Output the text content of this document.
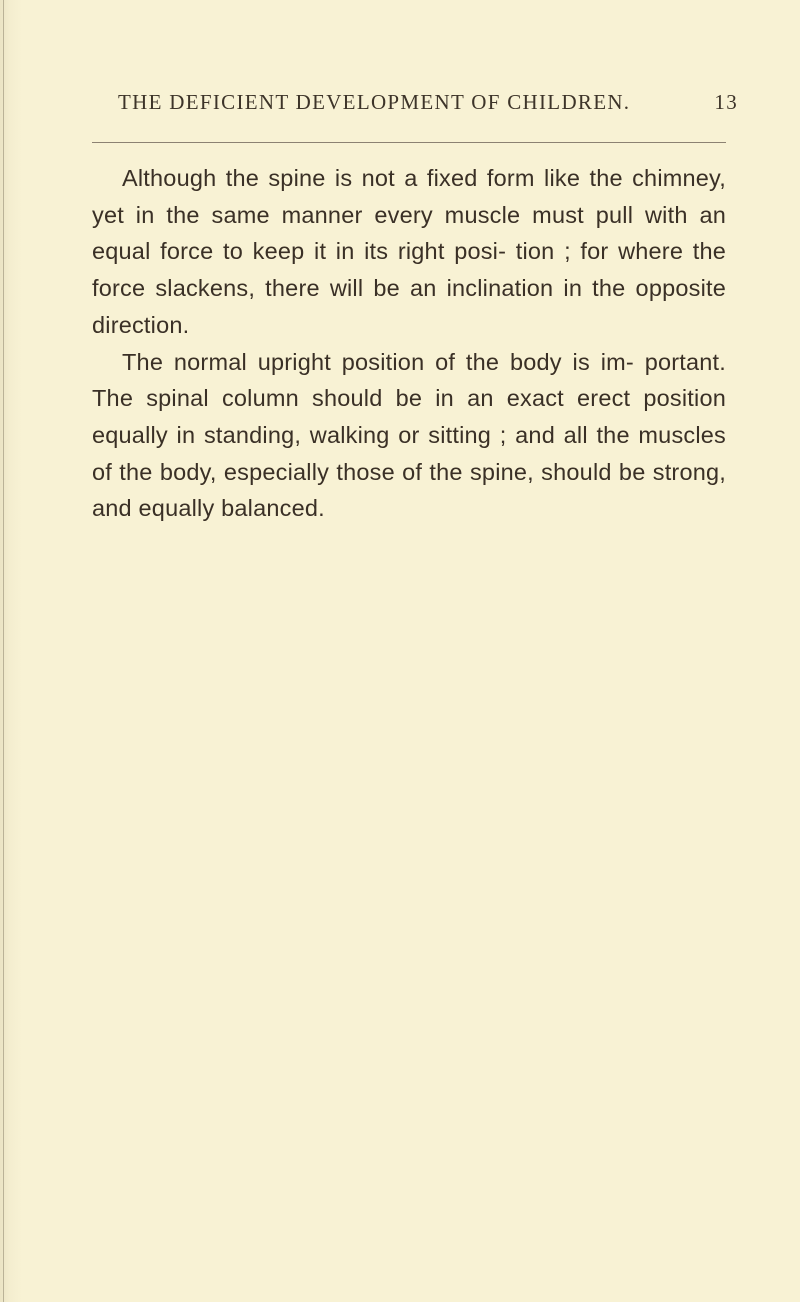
THE DEFICIENT DEVELOPMENT OF CHILDREN.	13

Although the spine is not a fixed form like the chimney, yet in the same manner every muscle must pull with an equal force to keep it in its right posi- tion ; for where the force slackens, there will be an inclination in the opposite direction.

The normal upright position of the body is im- portant. The spinal column should be in an exact erect position equally in standing, walking or sitting ; and all the muscles of the body, especially those of the spine, should be strong, and equally balanced.
